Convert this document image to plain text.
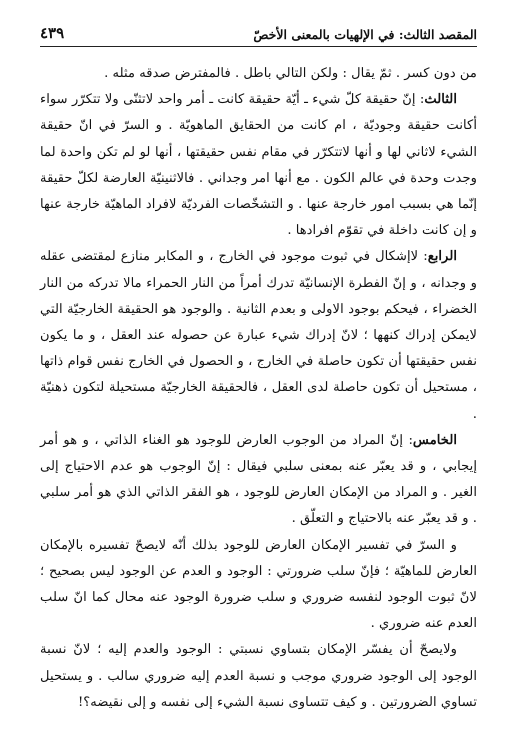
المقصد الثالث: في الإلهيات بالمعنى الأخصّ
٤٣٩

من دون كسر . ثمّ يقال : ولكن التالي باطل . فالمفترض صدقه مثله .

الثالث: إنّ حقيقة كلّ شيء ـ أيّة حقيقة كانت ـ أمر واحد لاتثنّى ولا تتكرّر سواء أكانت حقيقة وجوديّة ، ام كانت من الحقايق الماهويّة . و السرّ في انّ حقيقة الشيء لاثاني لها و أنها لاتتكرّر في مقام نفس حقيقتها ، أنها لو لم تكن واحدة لما وجدت وحدة في عالم الكون . مع أنها امر وجداني . فالاثنينيّة العارضة لكلّ حقيقة إنّما هي بسبب امور خارجة عنها . و التشخّصات الفرديّة لافراد الماهيّة خارجة عنها و إن كانت داخلة في تقوّم افرادها .

الرابع: لاإشكال في ثبوت موجود في الخارج ، و المكابر منازع لمقتضى عقله و وجدانه ، و إنّ الفطرة الإنسانيّة تدرك أمراً من النار الحمراء مالا تدركه من النار الخضراء ، فيحكم بوجود الاولى و بعدم الثانية . والوجود هو الحقيقة الخارجيّة التي لايمكن إدراك كنهها ؛ لانّ إدراك شيء عبارة عن حصوله عند العقل ، و ما يكون نفس حقيقتها أن تكون حاصلة في الخارج ، و الحصول في الخارج نفس قوام ذاتها ، مستحيل أن تكون حاصلة لدى العقل ، فالحقيقة الخارجيّة مستحيلة لتكون ذهنيّة .

الخامس: إنّ المراد من الوجوب العارض للوجود هو الغناء الذاتي ، و هو أمر إيجابي ، و قد يعبّر عنه بمعنى سلبي فيقال : إنّ الوجوب هو عدم الاحتياج إلى الغير . و المراد من الإمكان العارض للوجود ، هو الفقر الذاتي الذي هو أمر سلبي . و قد يعبّر عنه بالاحتياج و التعلّق .

و السرّ في تفسير الإمكان العارض للوجود بذلك أنّه لايصحّ تفسيره بالإمكان العارض للماهيّة ؛ فإنّ سلب ضرورتي : الوجود و العدم عن الوجود ليس بصحيح ؛ لانّ ثبوت الوجود لنفسه ضروري و سلب ضرورة الوجود عنه محال كما انّ سلب العدم عنه ضروري .

ولايصحّ أن يفسّر الإمكان بتساوي نسبتي : الوجود والعدم إليه ؛ لانّ نسبة الوجود إلى الوجود ضروري موجب و نسبة العدم إليه ضروري سالب . و يستحيل تساوي الضرورتين . و كيف تتساوى نسبة الشيء إلى نفسه و إلى نقيضه؟!
